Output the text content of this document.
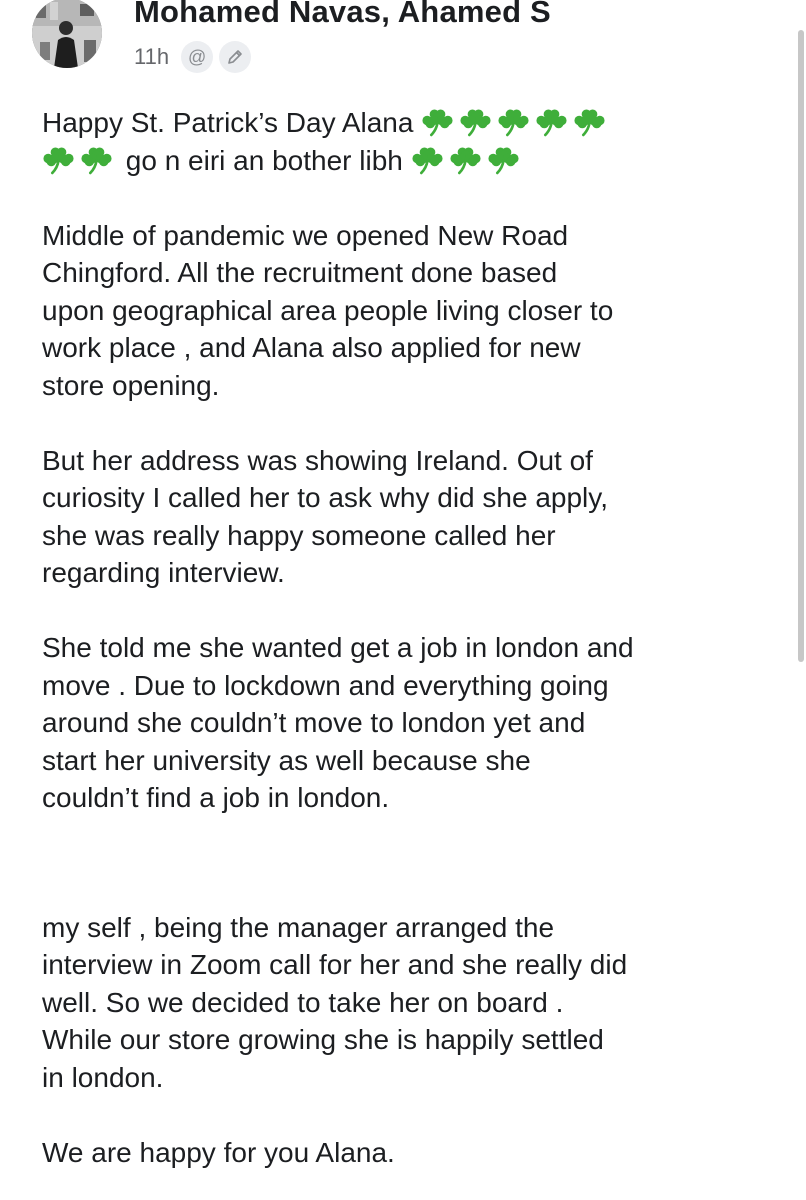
Mohamed Navas, Ahamed S
11h	@

Happy St. Patrick’s Day Alana
go n eiri an bother libh

Middle of pandemic we opened New Road
Chingford. All the recruitment done based
upon geographical area people living closer to
work place , and Alana also applied for new
store opening.

But her address was showing Ireland. Out of
curiosity I called her to ask why did she apply,
she was really happy someone called her
regarding interview.

She told me she wanted get a job in london and
move . Due to lockdown and everything going
around she couldn’t move to london yet and
start her university as well because she
couldn’t find a job in london.

my self , being the manager arranged the
interview in Zoom call for her and she really did
well. So we decided to take her on board .
While our store growing she is happily settled
in london.

We are happy for you Alana.
